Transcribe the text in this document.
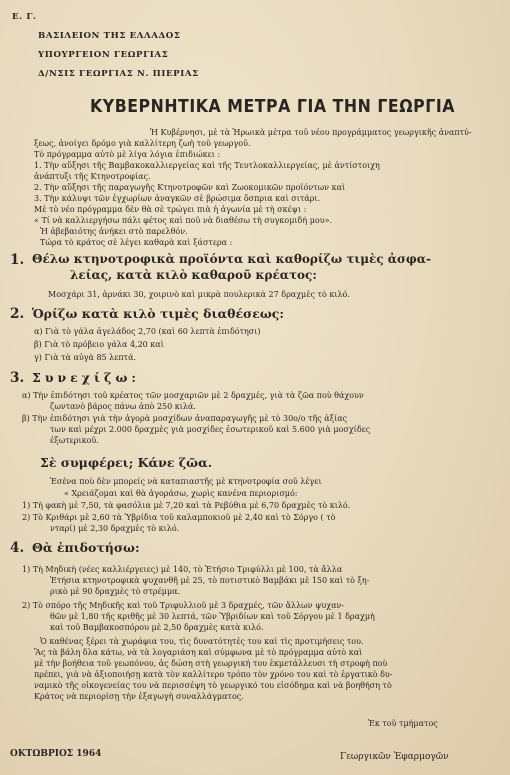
Ε. Γ.
ΒΑΣΙΛΕΙΟΝ ΤΗΣ ΕΛΛΑΔΟΣ
ΥΠΟΥΡΓΕΙΟΝ ΓΕΩΡΓΙΑΣ
Δ/ΝΣΙΣ ΓΕΩΡΓΙΑΣ Ν. ΠΙΕΡΙΑΣ
ΚΥΒΕΡΝΗΤΙΚΑ ΜΕΤΡΑ ΓΙΑ ΤΗΝ ΓΕΩΡΓΙΑ
Ἡ Κυβέρνησι, μὲ τὰ Ἡρωικὰ μέτρα τοῦ νέου προγράμματος γεωργικῆς ἀναπτύ-
ξεως, ἀνοίγει δρόμο γιὰ καλλίτερη ζωὴ τοῦ γεωργοῦ.
Τὸ πρόγραμμα αὐτὸ μὲ λίγα λόγια ἐπιδιώκει :
1. Τὴν αὔξησι τῆς Βαμβακοκαλλιεργείας καὶ τῆς Τευτλοκαλλιεργείας, μὲ ἀντίστοιχη
ἀνάπτυξι τῆς Κτηνοτροφίας.
2. Τὴν αὔξησι τῆς παραγωγῆς Κτηνοτροφῶν καὶ Ζωοκομικῶν προϊόντων καὶ
3. Τὴν κάλυψι τῶν ἐγχωρίων ἀναγκῶν σὲ βρώσιμα ὄσπρια καὶ σιτάρι.
Μὲ τὸ νέο πρόγραμμα δὲν θὰ σὲ τρώγει πιὰ ἡ ἀγωνία μὲ τὴ σκέψι :
« Τί νὰ καλλιεργήσω πάλι φέτος καὶ ποῦ νὰ διαθέσω τὴ συγκομιδή μου».
Ἡ ἀβεβαιότης ἀνήκει στὸ παρελθόν.
Τώρα τὸ κράτος σὲ λέγει καθαρὰ καὶ ξάστερα :
1. Θέλω κτηνοτροφικὰ προϊόντα καὶ καθορίζω τιμὲς ἀσφα-
λείας, κατὰ κιλὸ καθαροῦ κρέατος:
Μοσχάρι 31, ἀρνάκι 30, χοιρινὸ καὶ μικρὰ πουλερικὰ 27 δραχμὲς τὸ κιλό.
2. Ὁρίζω κατὰ κιλὸ τιμὲς διαθέσεως:
α) Γιὰ τὸ γάλα ἀγελάδος 2,70 (καὶ 60 λεπτὰ ἐπιδότησι)
β) Γιὰ τὸ πρόβειο γάλα 4,20 καὶ
γ) Γιὰ τὰ αὐγὰ 85 λεπτά.
3. Συνεχίζω:
α) Τὴν ἐπιδότησι τοῦ κρέατος τῶν μοσχαριῶν μὲ 2 δραχμές, γιὰ τὰ ζῶα ποὺ θάχουν
ζωντανὸ βάρος πάνω ἀπὸ 250 κιλά.
β) Τὴν ἐπιδότησι γιὰ τὴν ἀγορὰ μοσχίδων ἀναπαραγωγῆς μὲ τὸ 30ο/ο τῆς ἀξίας
των καὶ μέχρι 2.000 δραχμὲς γιὰ μοσχίδες ἐσωτερικοῦ καὶ 5.600 γιὰ μοσχίδες
ἐξωτερικοῦ.
Σὲ συμφέρει; Κάνε ζῶα.
Ἐσένα ποὺ δὲν μπορείς νὰ καταπιαστῆς μὲ κτηνοτροφία σοῦ λέγει
« Χρειάζομαι καὶ θὰ ἀγοράσω, χωρὶς κανένα περιορισμό:
1) Τὴ φακὴ μὲ 7,50, τὰ φασόλια μὲ 7,20 καὶ τὰ Ρεβύθια μὲ 6,70 δραχμὲς τὸ κιλό.
2) Τὸ Κριθάρι μὲ 2,60 τὰ Ὑβρίδια τοῦ καλαμποκιοῦ μὲ 2,40 καὶ τὸ Σόργο ( τὸ
νταρί) μὲ 2,30 δραχμὲς τὸ κιλό.
4. Θὰ ἐπιδοτήσω:
1) Τὴ Μηδικὴ (νέες καλλιέργειες) μὲ 140, τὸ Ἐτήσιο Τριφύλλι μὲ 100, τὰ ἄλλα
Ἐτήσια κτηνοτροφικὰ ψυχανθῆ μὲ 25, τὸ ποτιστικὸ Βαμβάκι μὲ 150 καὶ τὸ ξη-
ρικὸ μὲ 90 δραχμὲς τὸ στρέμμα.
2) Τὸ σπόρο τῆς Μηδικῆς καὶ τοῦ Τριφυλλιοῦ μὲ 3 δραχμές, τῶν ἄλλων ψυχαν-
θῶν μὲ 1,80 τῆς κριθῆς μὲ 30 λεπτά, τῶν Ὑβριδίων καὶ τοῦ Σόργου μὲ 1 δραχμὴ
καὶ τοῦ Βαμβακοσπόρου μὲ 2,50 δραχμὲς κατὰ κιλό.
Ὁ καθένας ξέρει τὰ χωράφια του, τὶς δυνατότητές του καὶ τὶς προτιμήσεις του.
Ἂς τὰ βάλη δλα κάτω, νὰ τὰ λογαριάση καὶ σύμφωνα μὲ τὸ πρόγραμμα αὐτὸ καὶ
μὲ τὴν βοήθεια τοῦ γεωπόνου, ἀς δώση στὴ γεωργική του ἐκμετάλλευσι τὴ στροφὴ ποὺ
πρέπει, γιὰ νὰ ἀξιοποιήσῃ κατὰ τὸν καλλίτερο τρόπο τὸν χρόνο του καὶ τὸ ἐργατικὸ δυ-
ναμικὸ τῆς οἰκογενείας του νὰ περισσέψη τὸ γεωργικό του εἰσόδημα καὶ νὰ βοηθήση τὸ
Κράτος νὰ περιορίσῃ τὴν ἐξαγωγὴ συναλλάγματος.
Ἐκ τοῦ τμήματος
ΟΚΤΩΒΡΙΟΣ 1964	Γεωργικῶν Ἐφαρμογῶν
